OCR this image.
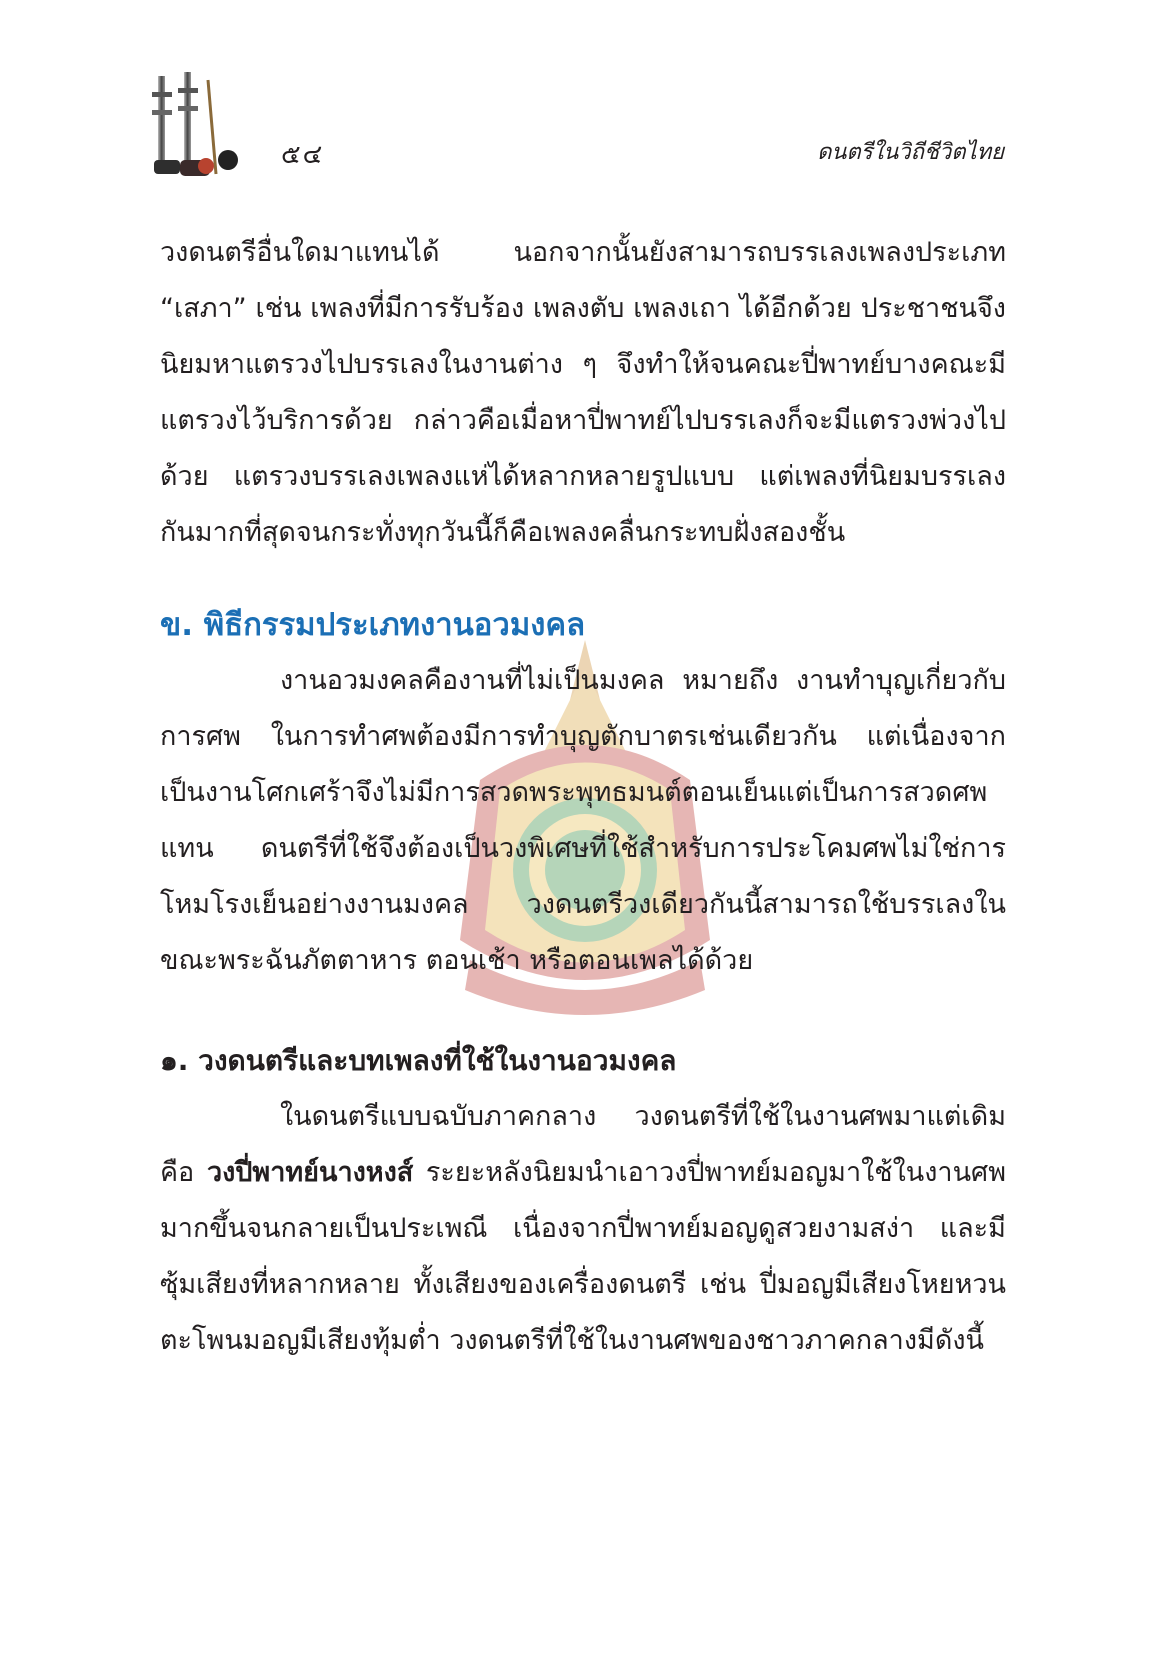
๕๔	ดนตรีในวิถีชีวิตไทย

วงดนตรีอื่นใดมาแทนได้ นอกจากนั้นยังสามารถบรรเลงเพลงประเภท “เสภา” เช่น เพลงที่มีการรับร้อง เพลงตับ เพลงเถา ได้อีกด้วย ประชาชนจึงนิยมหาแตรวงไปบรรเลงในงานต่าง ๆ จึงทำให้จนคณะปี่พาทย์บางคณะมีแตรวงไว้บริการด้วย กล่าวคือเมื่อหาปี่พาทย์ไปบรรเลงก็จะมีแตรวงพ่วงไปด้วย แตรวงบรรเลงเพลงแห่ได้หลากหลายรูปแบบ แต่เพลงที่นิยมบรรเลงกันมากที่สุดจนกระทั่งทุกวันนี้ก็คือเพลงคลื่นกระทบฝั่งสองชั้น

ข. พิธีกรรมประเภทงานอวมงคล

งานอวมงคลคืองานที่ไม่เป็นมงคล หมายถึง งานทำบุญเกี่ยวกับการศพ ในการทำศพต้องมีการทำบุญตักบาตรเช่นเดียวกัน แต่เนื่องจากเป็นงานโศกเศร้าจึงไม่มีการสวดพระพุทธมนต์ตอนเย็นแต่เป็นการสวดศพแทน ดนตรีที่ใช้จึงต้องเป็นวงพิเศษที่ใช้สำหรับการประโคมศพไม่ใช่การโหมโรงเย็นอย่างงานมงคล วงดนตรีวงเดียวกันนี้สามารถใช้บรรเลงในขณะพระฉันภัตตาหาร ตอนเช้า หรือตอนเพลได้ด้วย

๑. วงดนตรีและบทเพลงที่ใช้ในงานอวมงคล

ในดนตรีแบบฉบับภาคกลาง วงดนตรีที่ใช้ในงานศพมาแต่เดิม คือ วงปี่พาทย์นางหงส์ ระยะหลังนิยมนำเอาวงปี่พาทย์มอญมาใช้ในงานศพมากขึ้นจนกลายเป็นประเพณี เนื่องจากปี่พาทย์มอญดูสวยงามสง่า และมีซุ้มเสียงที่หลากหลาย ทั้งเสียงของเครื่องดนตรี เช่น ปี่มอญมีเสียงโหยหวน ตะโพนมอญมีเสียงทุ้มต่ำ วงดนตรีที่ใช้ในงานศพของชาวภาคกลางมีดังนี้
